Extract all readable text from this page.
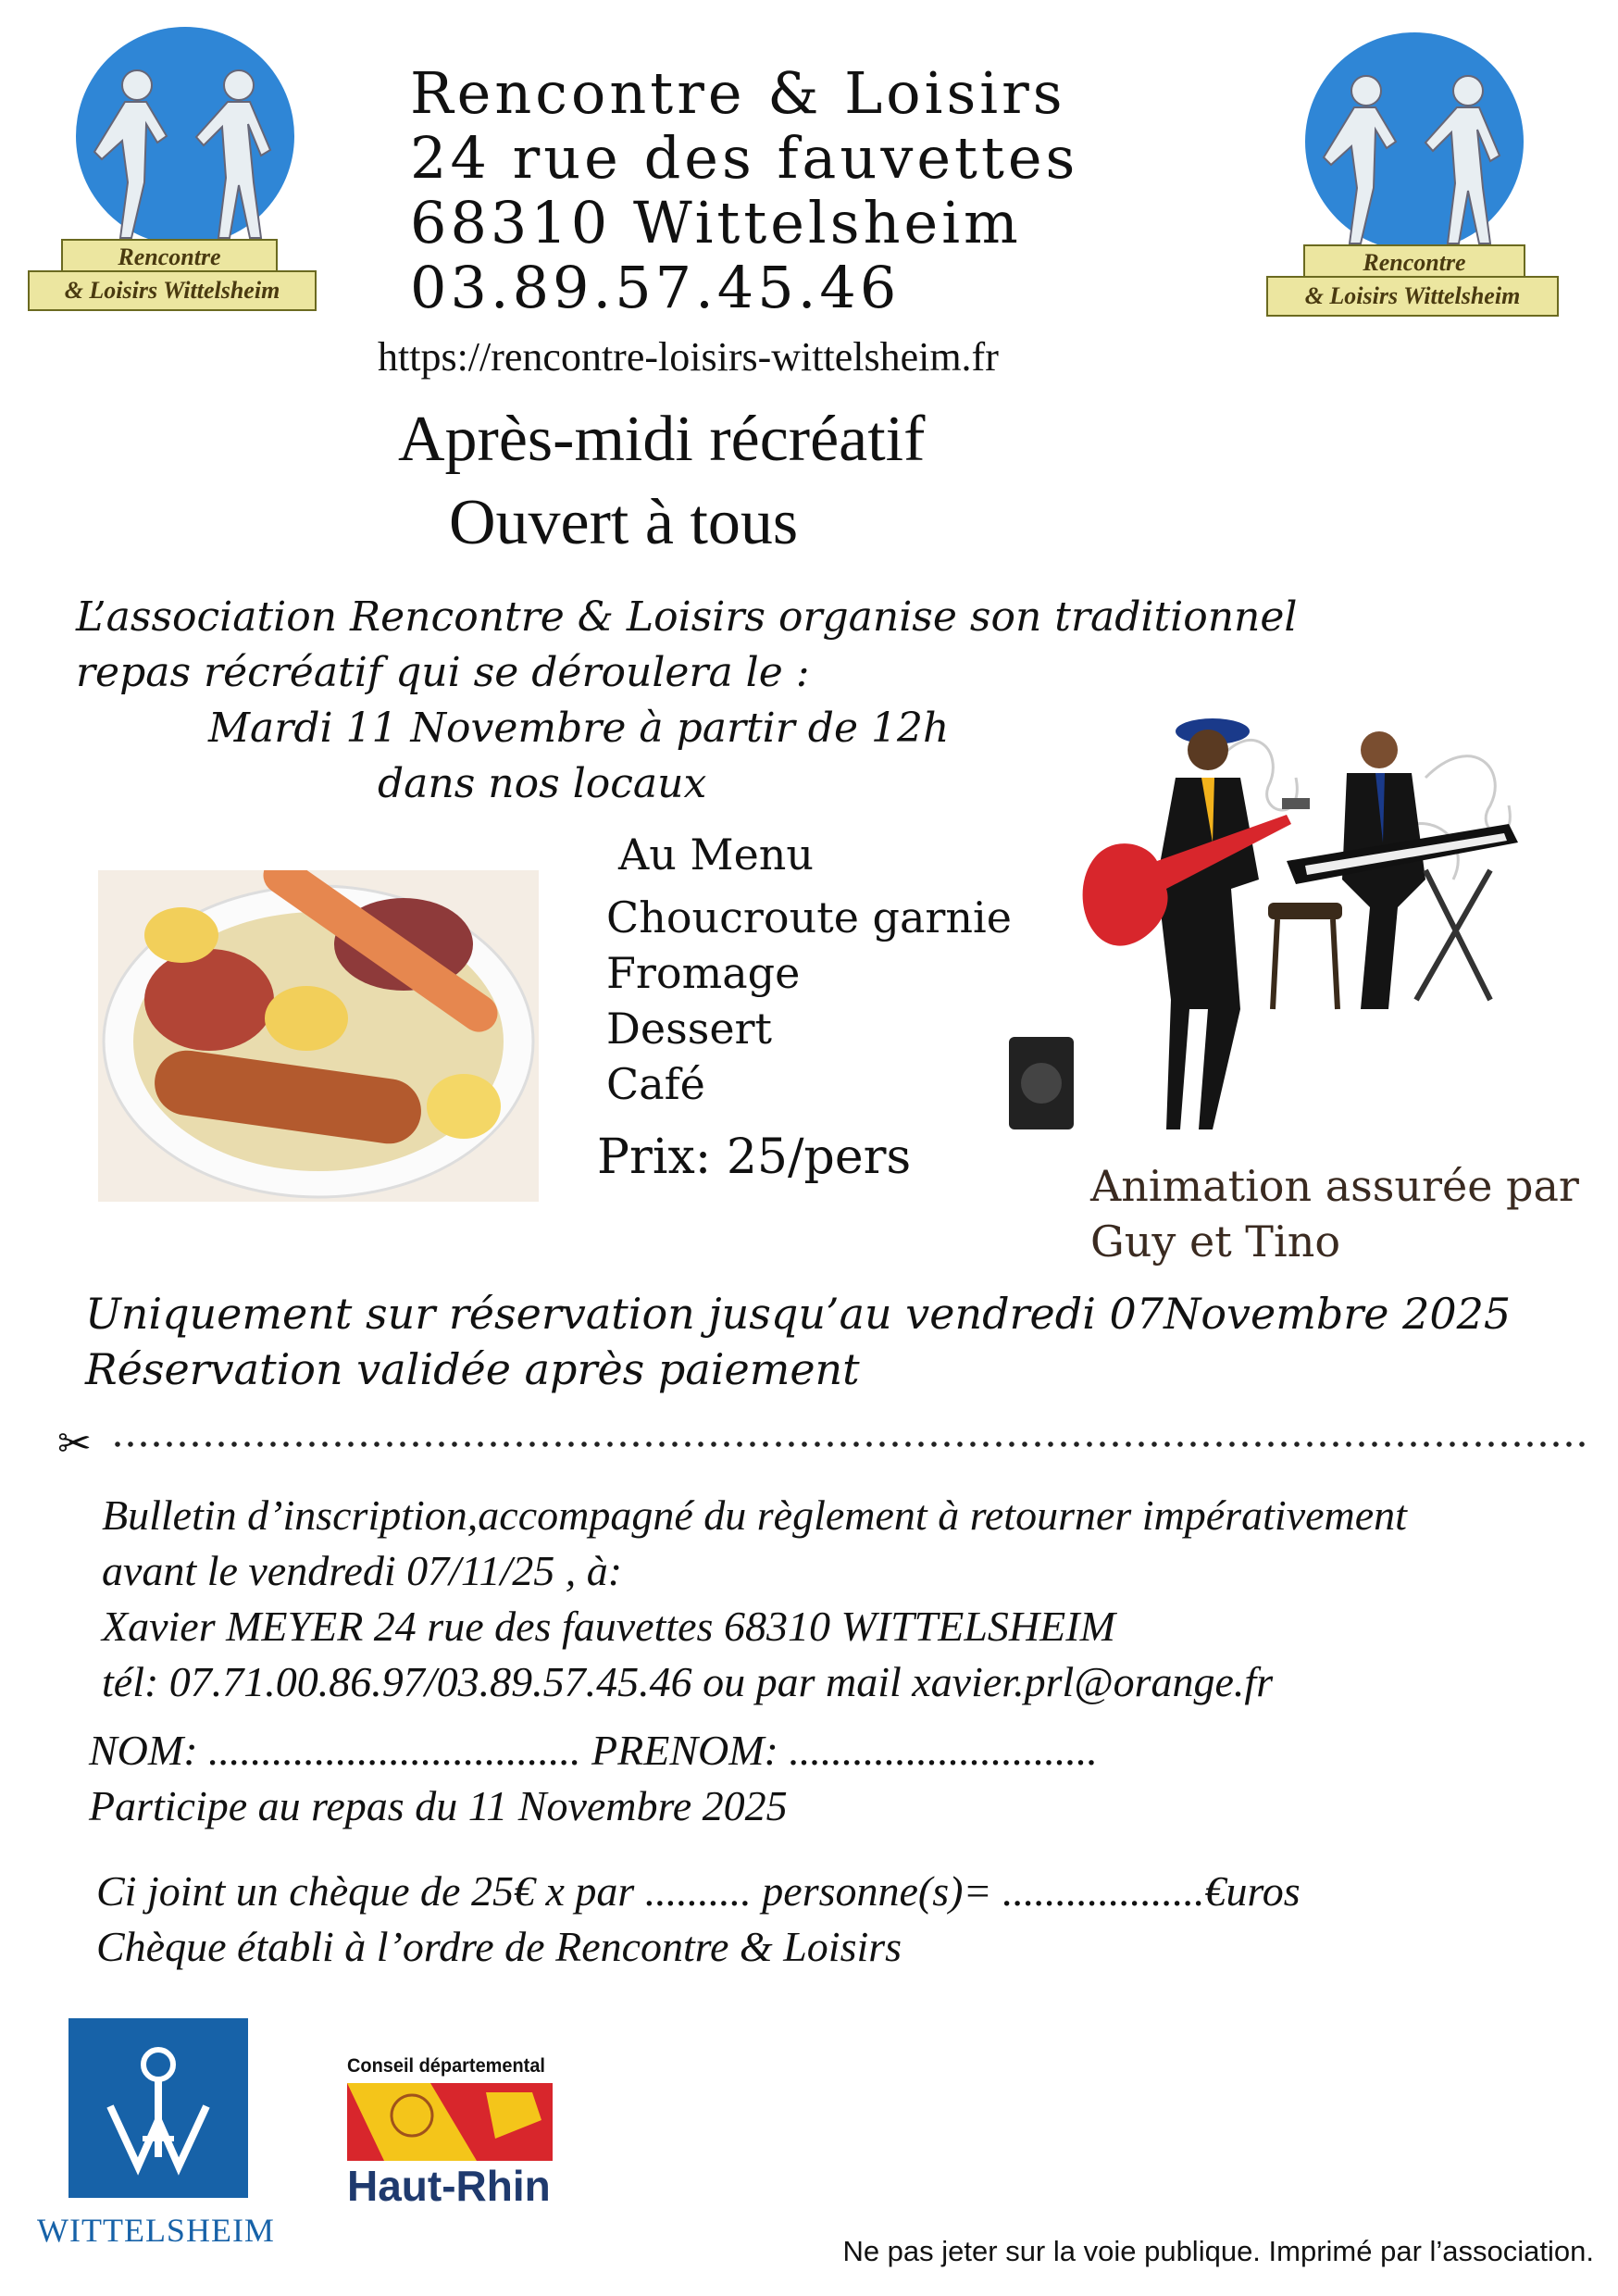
Rencontre
& Loisirs Wittelsheim
Rencontre
& Loisirs Wittelsheim
Rencontre & Loisirs
24 rue des fauvettes
68310 Wittelsheim
03.89.57.45.46
https://rencontre-loisirs-wittelsheim.fr
Après-midi récréatif
Ouvert à tous
L’association Rencontre & Loisirs organise son traditionnel
repas récréatif qui se déroulera le :
Mardi 11 Novembre à partir de 12h
dans nos locaux
Au Menu
Choucroute garnie
Fromage
Dessert
Café
Prix: 25/pers
Animation assurée par
Guy et Tino
Uniquement sur réservation jusqu’au vendredi 07Novembre 2025
Réservation validée après paiement
✂
Bulletin d’inscription,accompagné du règlement à retourner impérativement
avant le vendredi 07/11/25 , à:
Xavier MEYER 24 rue des fauvettes 68310 WITTELSHEIM
tél: 07.71.00.86.97/03.89.57.45.46 ou par mail xavier.prl@orange.fr
NOM: ................................... PRENOM: .............................
Participe au repas du 11 Novembre 2025
Ci joint un chèque de 25€ x par .......... personne(s)= ...................€uros
Chèque établi à l’ordre de Rencontre & Loisirs
WITTELSHEIM
Conseil départemental
Haut-Rhin
Ne pas jeter sur la voie publique. Imprimé par l’association.
